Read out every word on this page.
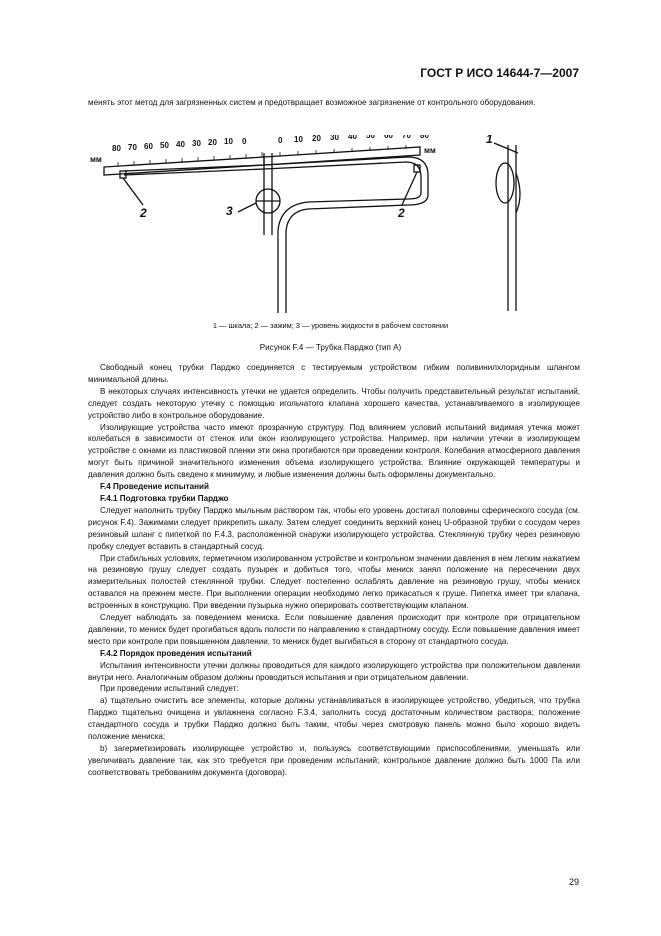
ГОСТ Р ИСО 14644-7—2007

менять этот метод для загрязненных систем и предотвращает возможное загрязнение от контрольного оборудования.

мм
мм
80 70 60 50 40 30 20 10 0	0 10 20 30 40 50 60 70 80
2	2
3
1
1 — шкала; 2 — зажим; 3 — уровень жидкости в рабочем состоянии
Рисунок F.4 — Трубка Парджо (тип А)

Свободный конец трубки Парджо соединяется с тестируемым устройством гибким поливинилхлоридным шлангом минимальной длины.

В некоторых случаях интенсивность утечки не удается определить. Чтобы получить представительный результат испытаний, следует создать некоторую утечку с помощью игольчатого клапана хорошего качества, устанавливаемого в изолирующее устройство либо в контрольное оборудование.

Изолирующие устройства часто имеют прозрачную структуру. Под влиянием условий испытаний видимая утечка может колебаться в зависимости от стенок или окон изолирующего устройства. Например, при наличии утечки в изолирующем устройстве с окнами из пластиковой пленки эти окна прогибаются при проведении контроля. Колебания атмосферного давления могут быть причиной значительного изменения объема изолирующего устройства. Влияние окружающей температуры и давления должно быть сведено к минимуму, и любые изменения должны быть оформлены документально.

F.4 Проведение испытаний

F.4.1 Подготовка трубки Парджо

Следует наполнить трубку Парджо мыльным раствором так, чтобы его уровень достигал половины сферического сосуда (см. рисунок F.4). Зажимами следует прикрепить шкалу. Затем следует соединить верхний конец U-образной трубки с сосудом через резиновый шланг с пипеткой по F.4.3, расположенной снаружи изолирующего устройства. Стеклянную трубку через резиновую пробку следует вставить в стандартный сосуд.

При стабильных условиях, герметичном изолированном устройстве и контрольном значении давления в нем легким нажатием на резиновую грушу следует создать пузырек и добиться того, чтобы мениск занял положение на пересечении двух измерительных полостей стеклянной трубки. Следует постепенно ослаблять давление на резиновую грушу, чтобы мениск оставался на прежнем месте. При выполнении операции необходимо легко прикасаться к груше. Пипетка имеет три клапана, встроенных в конструкцию. При введении пузырька нужно оперировать соответствующим клапаном.

Следует наблюдать за поведением мениска. Если повышение давления происходит при контроле при отрицательном давлении, то мениск будет прогибаться вдоль полости по направлению к стандартному сосуду. Если повышение давления имеет место при контроле при повышенном давлении, то мениск будет выгибаться в сторону от стандартного сосуда.

F.4.2 Порядок проведения испытаний

Испытания интенсивности утечки должны проводиться для каждого изолирующего устройства при положительном давлении внутри него. Аналогичным образом должны проводиться испытания и при отрицательном давлении.

При проведении испытаний следует:

а) тщательно очистить все элементы, которые должны устанавливаться в изолирующее устройство, убедиться, что трубка Парджо тщательно очищена и увлажнена согласно F.3.4, заполнить сосуд достаточным количеством раствора; положение стандартного сосуда и трубки Парджо должно быть таким, чтобы через смотровую панель можно было хорошо видеть положение мениска;

b) загерметизировать изолирующее устройство и, пользуясь соответствующими приспособлениями, уменьшать или увеличивать давление так, как это требуется при проведении испытаний; контрольное давление должно быть 1000 Па или соответствовать требованиям документа (договора).

29
